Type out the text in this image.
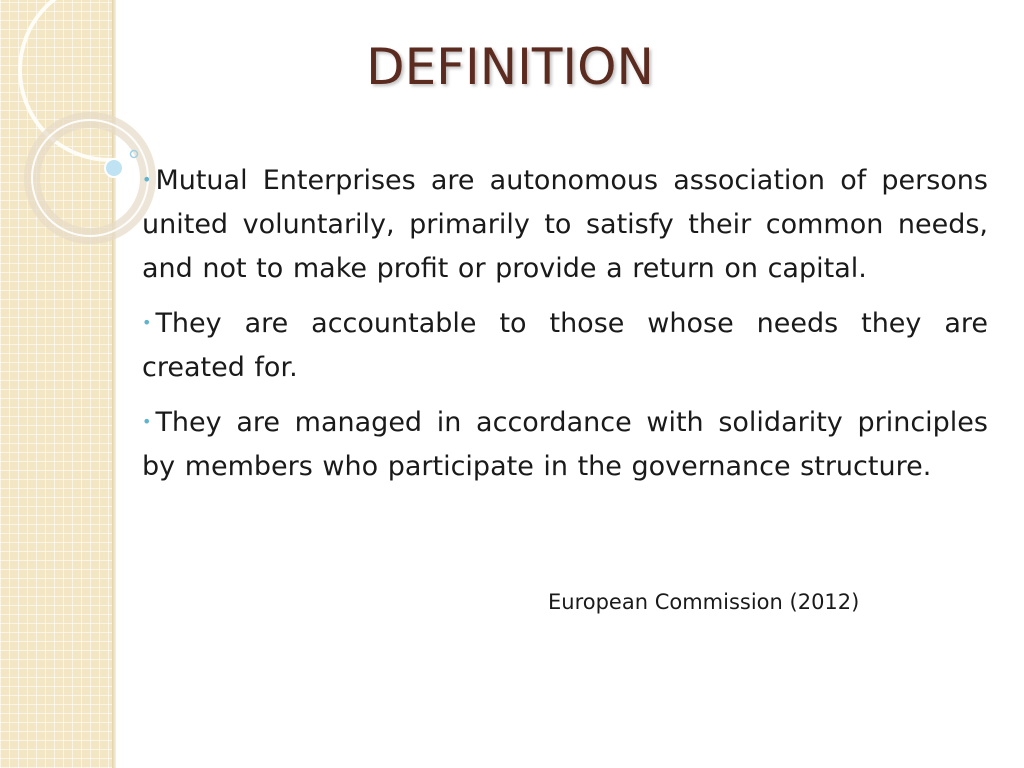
DEFINITION

• Mutual Enterprises are autonomous association of persons united voluntarily, primarily to satisfy their common needs, and not to make profit or provide a return on capital.

• They are accountable to those whose needs they are created for.

• They are managed in accordance with solidarity principles by members who participate in the governance structure.

European Commission (2012)
